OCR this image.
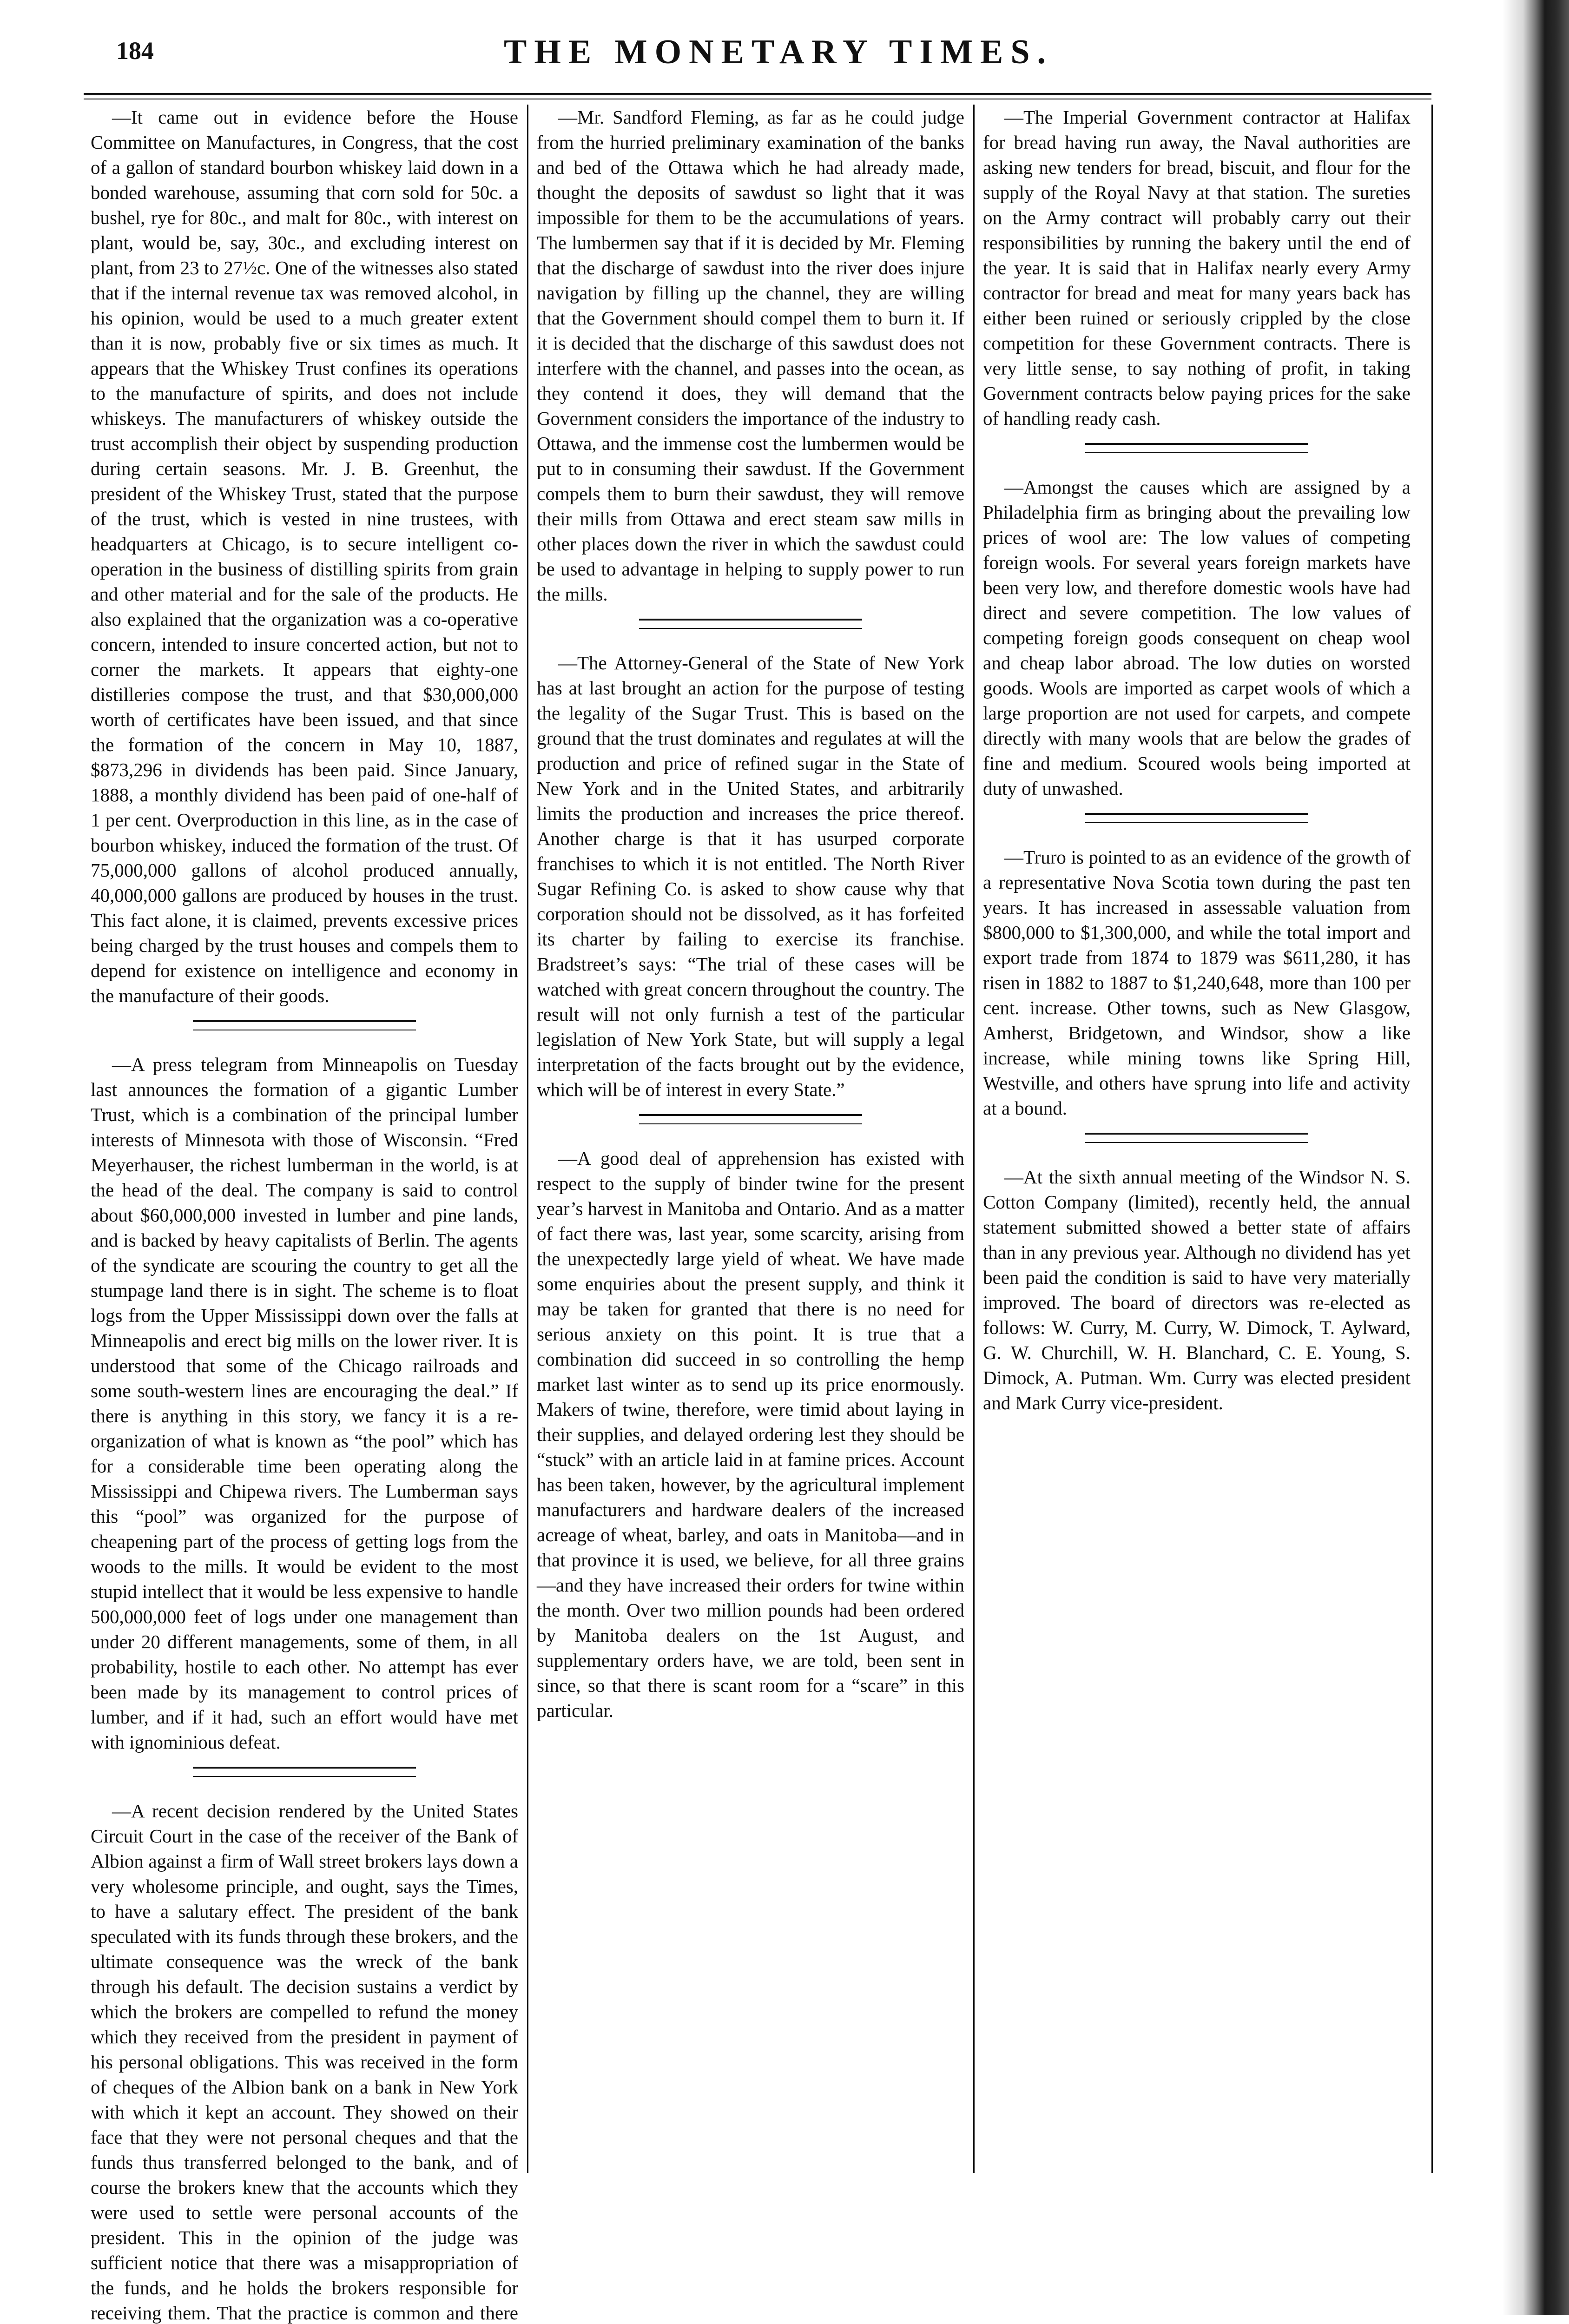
184	THE MONETARY TIMES.

—It came out in evidence before the House Committee on Manufactures, in Congress, that the cost of a gallon of standard bourbon whiskey laid down in a bonded warehouse, assuming that corn sold for 50c. a bushel, rye for 80c., and malt for 80c., with interest on plant, would be, say, 30c., and excluding interest on plant, from 23 to 27½c. One of the witnesses also stated that if the internal revenue tax was removed alcohol, in his opinion, would be used to a much greater extent than it is now, probably five or six times as much. It appears that the Whiskey Trust confines its operations to the manufacture of spirits, and does not include whiskeys. The manufacturers of whiskey outside the trust accomplish their object by suspending production during certain seasons. Mr. J. B. Greenhut, the president of the Whiskey Trust, stated that the purpose of the trust, which is vested in nine trustees, with headquarters at Chicago, is to secure intelligent co-operation in the business of distilling spirits from grain and other material and for the sale of the products. He also explained that the organization was a co-operative concern, intended to insure concerted action, but not to corner the markets. It appears that eighty-one distilleries compose the trust, and that $30,000,000 worth of certificates have been issued, and that since the formation of the concern in May 10, 1887, $873,296 in dividends has been paid. Since January, 1888, a monthly dividend has been paid of one-half of 1 per cent. Overproduction in this line, as in the case of bourbon whiskey, induced the formation of the trust. Of 75,000,000 gallons of alcohol produced annually, 40,000,000 gallons are produced by houses in the trust. This fact alone, it is claimed, prevents excessive prices being charged by the trust houses and compels them to depend for existence on intelligence and economy in the manufacture of their goods.

—A press telegram from Minneapolis on Tuesday last announces the formation of a gigantic Lumber Trust, which is a combination of the principal lumber interests of Minnesota with those of Wisconsin. “Fred Meyerhauser, the richest lumberman in the world, is at the head of the deal. The company is said to control about $60,000,000 invested in lumber and pine lands, and is backed by heavy capitalists of Berlin. The agents of the syndicate are scouring the country to get all the stumpage land there is in sight. The scheme is to float logs from the Upper Mississippi down over the falls at Minneapolis and erect big mills on the lower river. It is understood that some of the Chicago railroads and some south-western lines are encouraging the deal.” If there is anything in this story, we fancy it is a re-organization of what is known as “the pool” which has for a considerable time been operating along the Mississippi and Chipewa rivers. The Lumberman says this “pool” was organized for the purpose of cheapening part of the process of getting logs from the woods to the mills. It would be evident to the most stupid intellect that it would be less expensive to handle 500,000,000 feet of logs under one management than under 20 different managements, some of them, in all probability, hostile to each other. No attempt has ever been made by its management to control prices of lumber, and if it had, such an effort would have met with ignominious defeat.

—A recent decision rendered by the United States Circuit Court in the case of the receiver of the Bank of Albion against a firm of Wall street brokers lays down a very wholesome principle, and ought, says the Times, to have a salutary effect. The president of the bank speculated with its funds through these brokers, and the ultimate consequence was the wreck of the bank through his default. The decision sustains a verdict by which the brokers are compelled to refund the money which they received from the president in payment of his personal obligations. This was received in the form of cheques of the Albion bank on a bank in New York with which it kept an account. They showed on their face that they were not personal cheques and that the funds thus transferred belonged to the bank, and of course the brokers knew that the accounts which they were used to settle were personal accounts of the president. This in the opinion of the judge was sufficient notice that there was a misappropriation of the funds, and he holds the brokers responsible for receiving them. That the practice is common and there

—Mr. Sandford Fleming, as far as he could judge from the hurried preliminary examination of the banks and bed of the Ottawa which he had already made, thought the deposits of sawdust so light that it was impossible for them to be the accumulations of years. The lumbermen say that if it is decided by Mr. Fleming that the discharge of sawdust into the river does injure navigation by filling up the channel, they are willing that the Government should compel them to burn it. If it is decided that the discharge of this sawdust does not interfere with the channel, and passes into the ocean, as they contend it does, they will demand that the Government considers the importance of the industry to Ottawa, and the immense cost the lumbermen would be put to in consuming their sawdust. If the Government compels them to burn their sawdust, they will remove their mills from Ottawa and erect steam saw mills in other places down the river in which the sawdust could be used to advantage in helping to supply power to run the mills.

—The Attorney-General of the State of New York has at last brought an action for the purpose of testing the legality of the Sugar Trust. This is based on the ground that the trust dominates and regulates at will the production and price of refined sugar in the State of New York and in the United States, and arbitrarily limits the production and increases the price thereof. Another charge is that it has usurped corporate franchises to which it is not entitled. The North River Sugar Refining Co. is asked to show cause why that corporation should not be dissolved, as it has forfeited its charter by failing to exercise its franchise. Bradstreet’s says: “The trial of these cases will be watched with great concern throughout the country. The result will not only furnish a test of the particular legislation of New York State, but will supply a legal interpretation of the facts brought out by the evidence, which will be of interest in every State.”

—A good deal of apprehension has existed with respect to the supply of binder twine for the present year’s harvest in Manitoba and Ontario. And as a matter of fact there was, last year, some scarcity, arising from the unexpectedly large yield of wheat. We have made some enquiries about the present supply, and think it may be taken for granted that there is no need for serious anxiety on this point. It is true that a combination did succeed in so controlling the hemp market last winter as to send up its price enormously. Makers of twine, therefore, were timid about laying in their supplies, and delayed ordering lest they should be “stuck” with an article laid in at famine prices. Account has been taken, however, by the agricultural implement manufacturers and hardware dealers of the increased acreage of wheat, barley, and oats in Manitoba—and in that province it is used, we believe, for all three grains—and they have increased their orders for twine within the month. Over two million pounds had been ordered by Manitoba dealers on the 1st August, and supplementary orders have, we are told, been sent in since, so that there is scant room for a “scare” in this particular.

—The Imperial Government contractor at Halifax for bread having run away, the Naval authorities are asking new tenders for bread, biscuit, and flour for the supply of the Royal Navy at that station. The sureties on the Army contract will probably carry out their responsibilities by running the bakery until the end of the year. It is said that in Halifax nearly every Army contractor for bread and meat for many years back has either been ruined or seriously crippled by the close competition for these Government contracts. There is very little sense, to say nothing of profit, in taking Government contracts below paying prices for the sake of handling ready cash.

—Amongst the causes which are assigned by a Philadelphia firm as bringing about the prevailing low prices of wool are: The low values of competing foreign wools. For several years foreign markets have been very low, and therefore domestic wools have had direct and severe competition. The low values of competing foreign goods consequent on cheap wool and cheap labor abroad. The low duties on worsted goods. Wools are imported as carpet wools of which a large proportion are not used for carpets, and compete directly with many wools that are below the grades of fine and medium. Scoured wools being imported at duty of unwashed.

—Truro is pointed to as an evidence of the growth of a representative Nova Scotia town during the past ten years. It has increased in assessable valuation from $800,000 to $1,300,000, and while the total import and export trade from 1874 to 1879 was $611,280, it has risen in 1882 to 1887 to $1,240,648, more than 100 per cent. increase. Other towns, such as New Glasgow, Amherst, Bridgetown, and Windsor, show a like increase, while mining towns like Spring Hill, Westville, and others have sprung into life and activity at a bound.

—At the sixth annual meeting of the Windsor N. S. Cotton Company (limited), recently held, the annual statement submitted showed a better state of affairs than in any previous year. Although no dividend has yet been paid the condition is said to have very materially improved. The board of directors was re-elected as follows: W. Curry, M. Curry, W. Dimock, T. Aylward, G. W. Churchill, W. H. Blanchard, C. E. Young, S. Dimock, A. Putman. Wm. Curry was elected president and Mark Curry vice-president.
